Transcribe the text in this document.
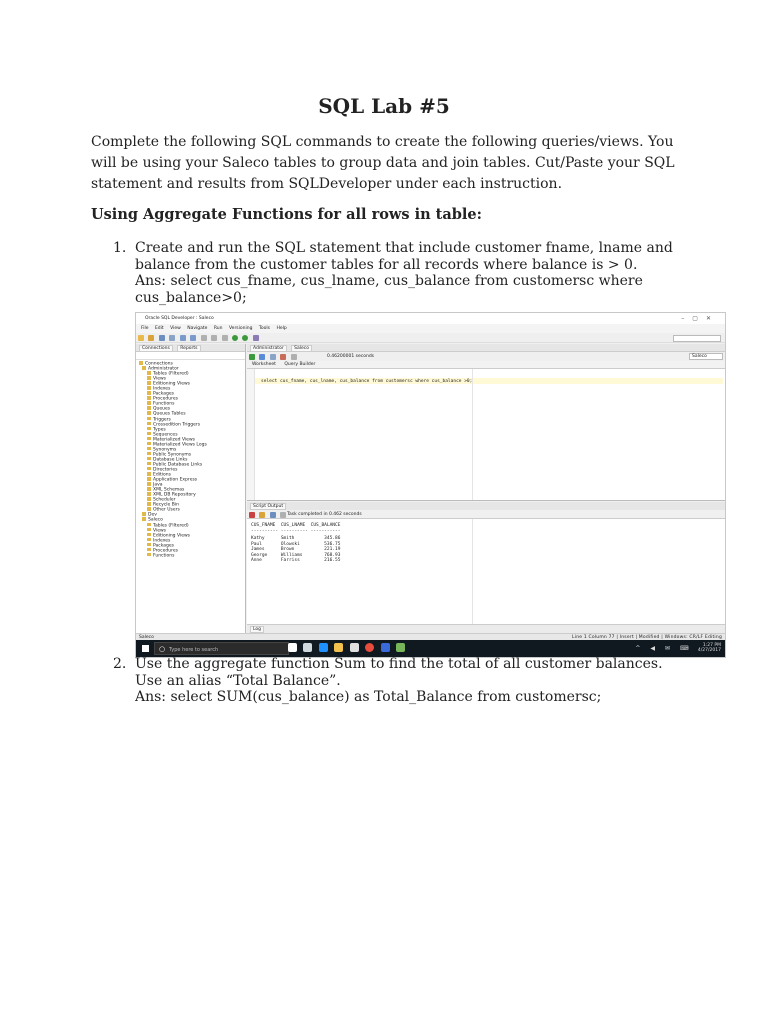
SQL Lab #5

Complete the following SQL commands to create the following queries/views. You will be using your Saleco tables to group data and join tables. Cut/Paste your SQL statement and results from SQLDeveloper under each instruction.

Using Aggregate Functions for all rows in table:

1. Create and run the SQL statement that include customer fname, lname and balance from the customer tables for all records where balance is > 0.

Ans: select cus_fname, cus_lname, cus_balance from customersc where cus_balance>0;

Oracle SQL Developer : Saleco	–▢✕
File Edit View Navigate Run Versioning Tools Help

Connections Reports
Connections
Administrator
Tables (Filtered)
Views
Editioning Views
Indexes
Packages
Procedures
Functions
Queues
Queues Tables
Triggers
Crossedition Triggers
Types
Sequences
Materialized Views
Materialized Views Logs
Synonyms
Public Synonyms
Database Links
Public Database Links
Directories
Editions
Application Express
Java
XML Schemas
XML DB Repository
Scheduler
Recycle Bin
Other Users
Dev
Saleco
Tables (Filtered)
Views
Editioning Views
Indexes
Packages
Procedures
Functions
Administrator Saleco

0.46200001 seconds	Saleco
Worksheet Query Builder
select cus_fname, cus_lname, cus_balance from customersc where cus_balance >0;
Script Output

Task completed in 0.462 seconds
CUS_FNAME CUS_LNAME CUS_BALANCE
---------- ---------- -----------
Kathy	Smith	345.86
Paul	Olowski	536.75
James	Brown	221.19
George	Williams	768.93
Anne	Farriss	216.55
Log
Saleco	Line 1 Column 77 | Insert | Modified | Windows: CR/LF Editing
○ Type here to search
	^ ◀ ✉ ⌨ 1:27 PM
4/27/2017
2. Use the aggregate function Sum to find the total of all customer balances. Use an alias “Total Balance”.

Ans: select SUM(cus_balance) as Total_Balance from customersc;
